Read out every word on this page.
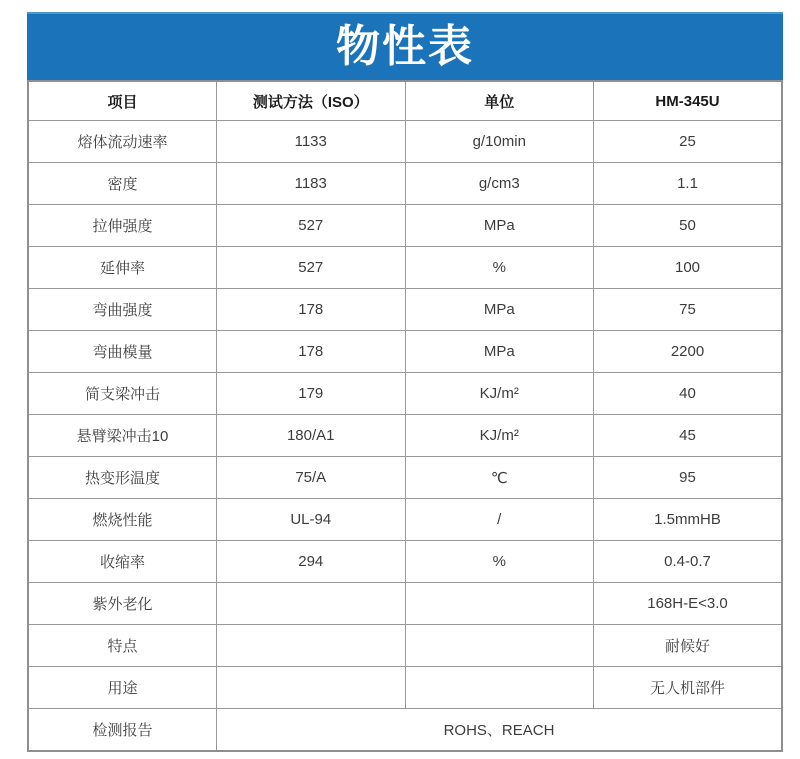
物性表
项目	测试方法（ISO）	单位	HM-345U
熔体流动速率	1133	g/10min	25
密度	1183	g/cm3	1.1
拉伸强度	527	MPa	50
延伸率	527	%	100
弯曲强度	178	MPa	75
弯曲模量	178	MPa	2200
简支梁冲击	179	KJ/m²	40
悬臂梁冲击10	180/A1	KJ/m²	45
热变形温度	75/A	℃	95
燃烧性能	UL-94	/	1.5mmHB
收缩率	294	%	0.4-0.7
紫外老化			168H-E<3.0
特点			耐候好
用途			无人机部件
检测报告	ROHS、REACH		
